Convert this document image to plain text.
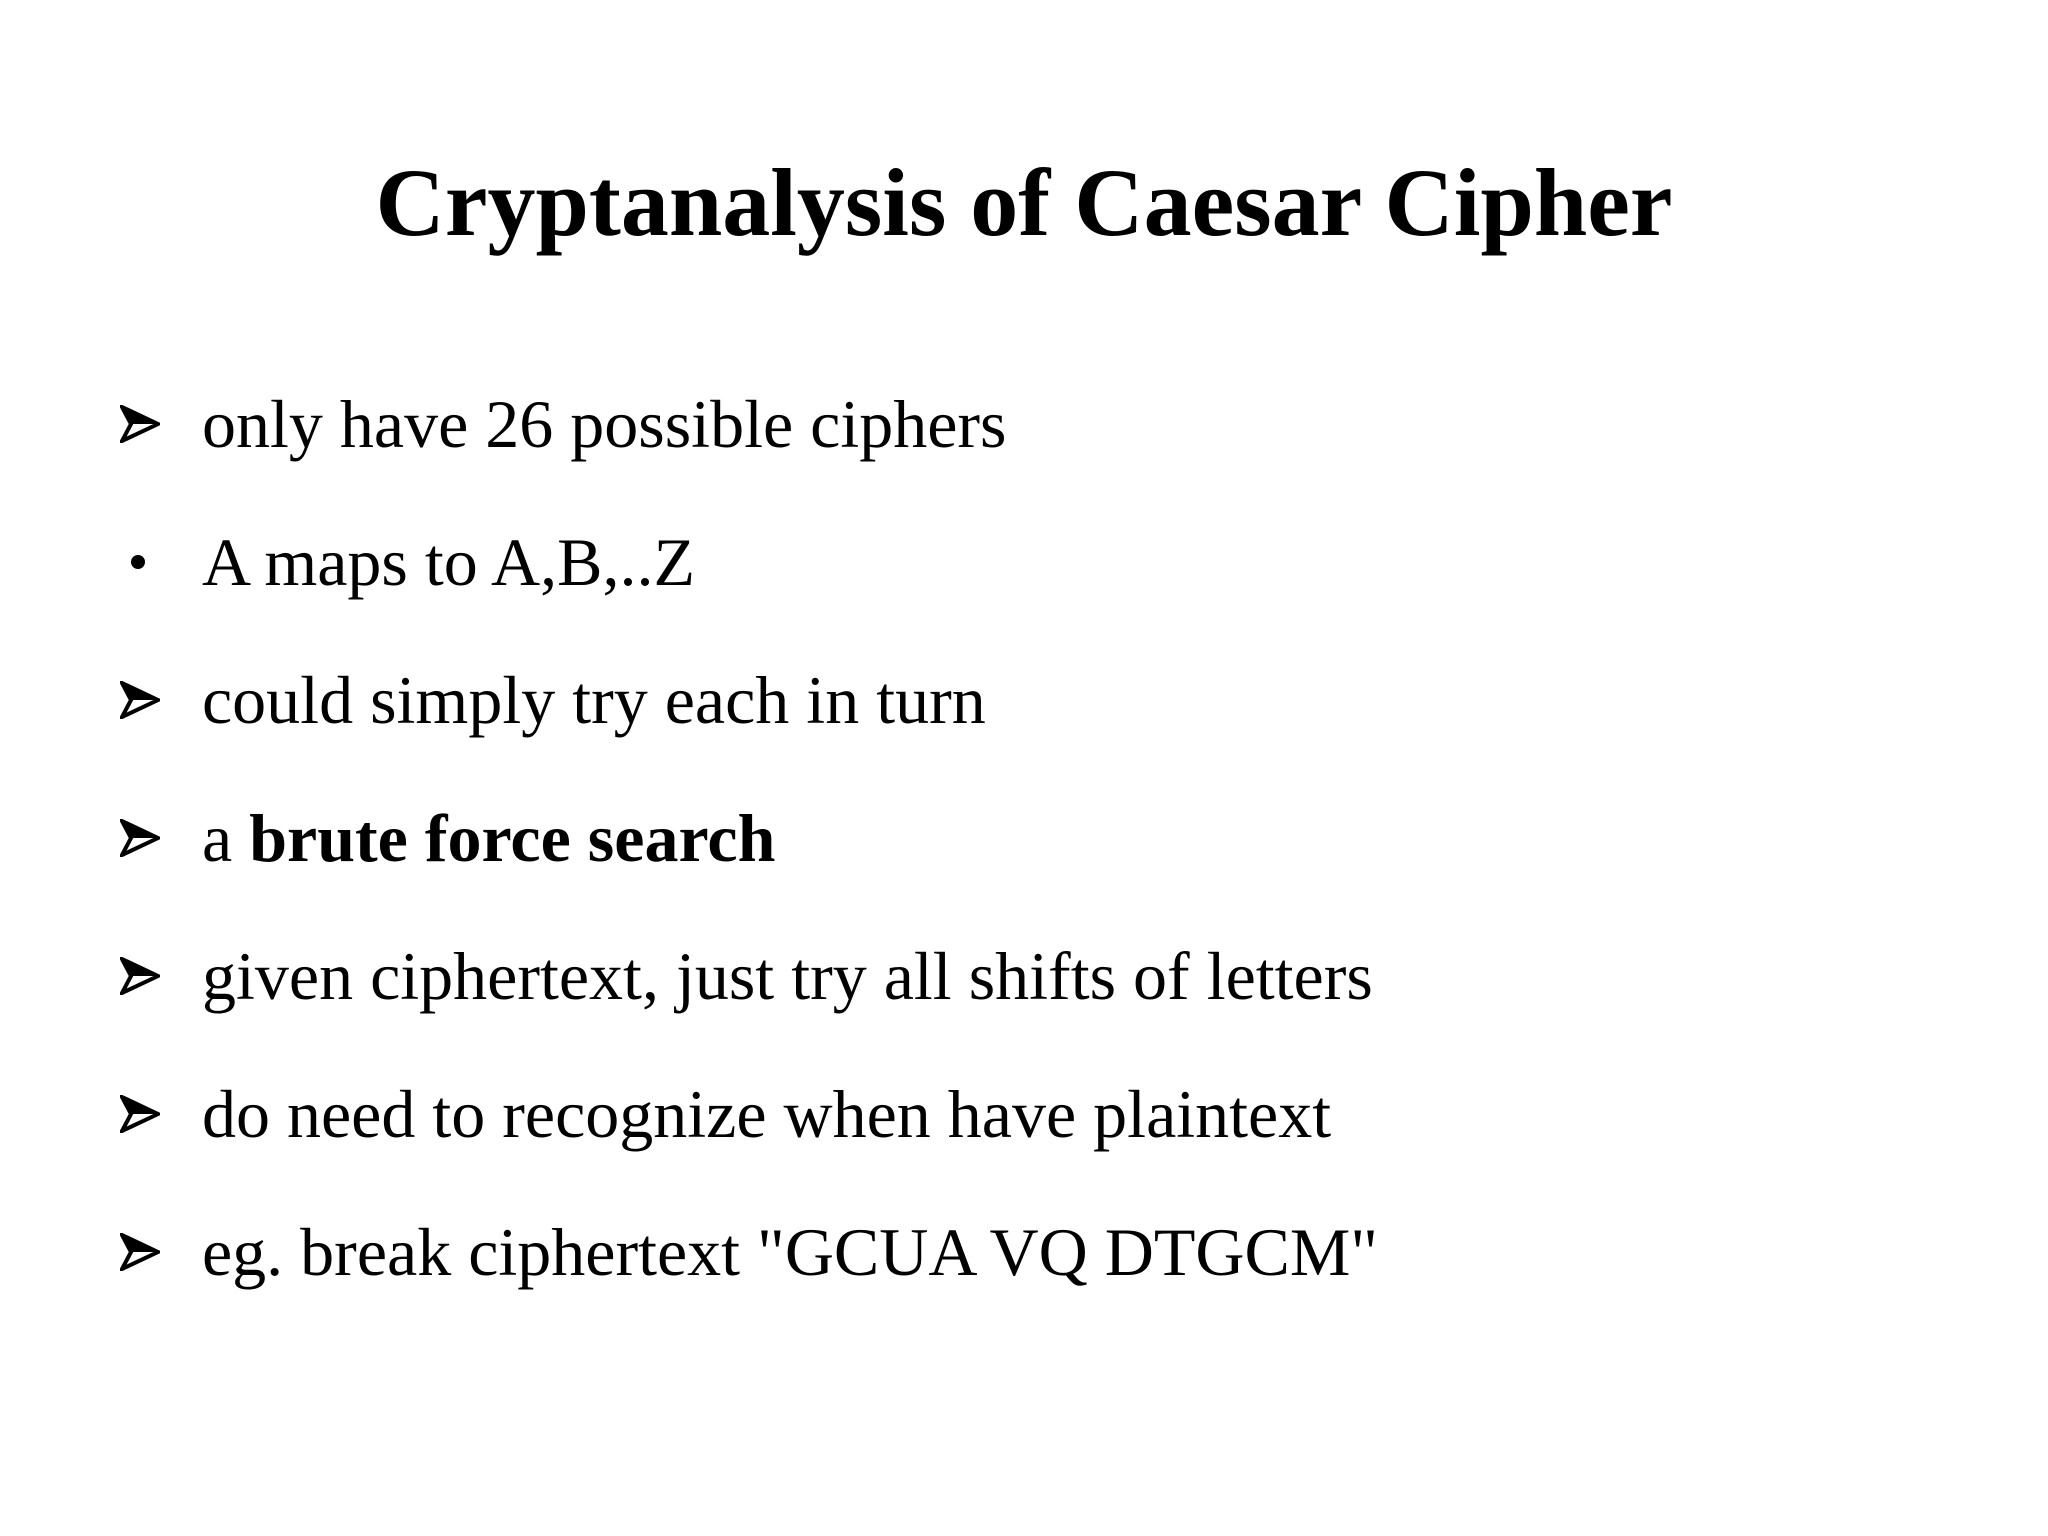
Cryptanalysis of Caesar Cipher
only have 26 possible ciphers
A maps to A,B,..Z
could simply try each in turn
a brute force search
given ciphertext, just try all shifts of letters
do need to recognize when have plaintext
eg. break ciphertext "GCUA VQ DTGCM"
